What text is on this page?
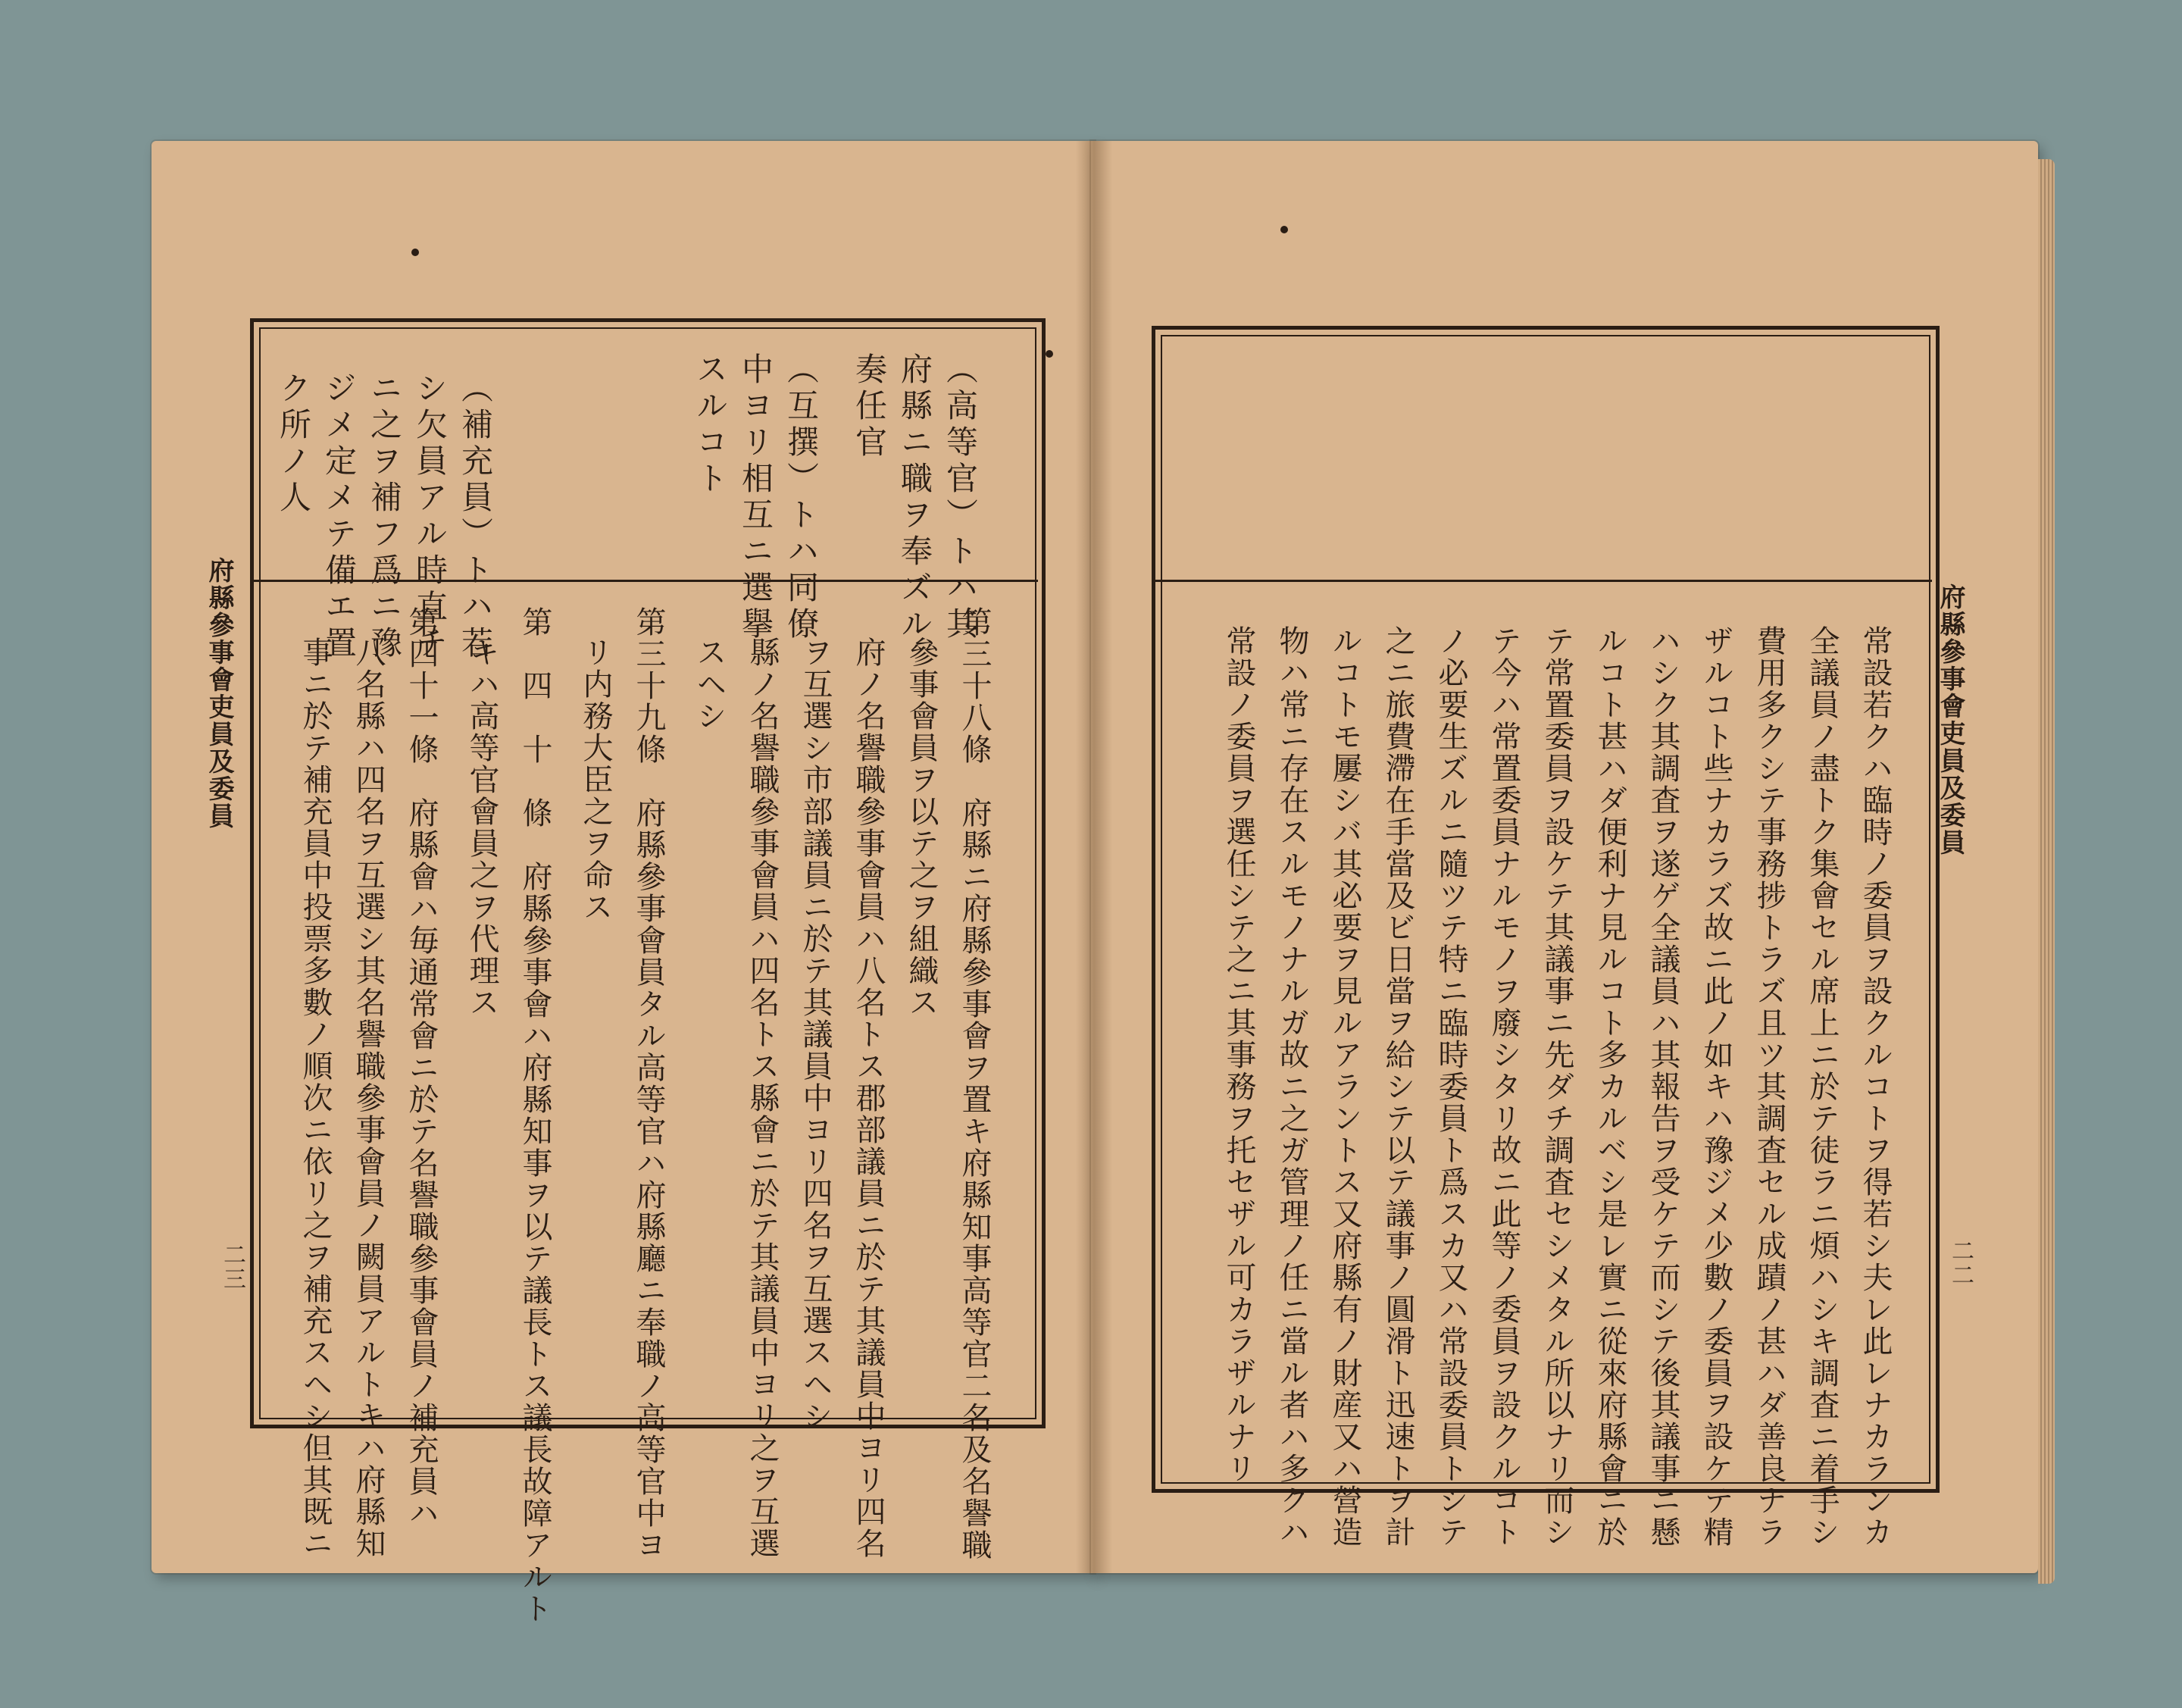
府縣參事會吏員及委員
二三
（高等官）トハ其
府縣ニ職ヲ奉ズル
奏任官
（互撰）トハ同僚
中ヨリ相互ニ選擧
スルコト
（補充員）トハ若
シ欠員アル時直チ
ニ之ヲ補フ爲ニ豫
ジメ定メテ備エ置
ク所ノ人
第三十八條　府縣ニ府縣參事會ヲ置キ府縣知事高等官二名及名譽職
參事會員ヲ以テ之ヲ組織ス
府ノ名譽職參事會員ハ八名トス郡部議員ニ於テ其議員中ヨリ四名
ヲ互選シ市部議員ニ於テ其議員中ヨリ四名ヲ互選スヘシ
縣ノ名譽職參事會員ハ四名トス縣會ニ於テ其議員中ヨリ之ヲ互選
スヘシ
第三十九條　府縣參事會員タル高等官ハ府縣廳ニ奉職ノ高等官中ヨ
リ内務大臣之ヲ命ス
第　四　十　條　府縣參事會ハ府縣知事ヲ以テ議長トス議長故障アルト
キハ高等官會員之ヲ代理ス
第四十一條　府縣會ハ毎通常會ニ於テ名譽職參事會員ノ補充員ハ
八名縣ハ四名ヲ互選シ其名譽職參事會員ノ闕員アルトキハ府縣知
事ニ於テ補充員中投票多數ノ順次ニ依リ之ヲ補充スヘシ但其既ニ	府縣參事會吏員及委員
二二
常設若クハ臨時ノ委員ヲ設クルコトヲ得若シ夫レ此レナカランカ
全議員ノ盡トク集會セル席上ニ於テ徒ラニ煩ハシキ調査ニ着手シ
費用多クシテ事務捗トラズ且ツ其調査セル成蹟ノ甚ハダ善良ナラ
ザルコト些ナカラズ故ニ此ノ如キハ豫ジメ少數ノ委員ヲ設ケテ精
ハシク其調査ヲ遂ゲ全議員ハ其報告ヲ受ケテ而シテ後其議事ニ懸
ルコト甚ハダ便利ナ見ルコト多カルベシ是レ實ニ從來府縣會ニ於
テ常置委員ヲ設ケテ其議事ニ先ダチ調査セシメタル所以ナリ而シ
テ今ハ常置委員ナルモノヲ廢シタリ故ニ此等ノ委員ヲ設クルコト
ノ必要生ズルニ隨ツテ特ニ臨時委員ト爲スカ又ハ常設委員トシテ
之ニ旅費滯在手當及ビ日當ヲ給シテ以テ議事ノ圓滑ト迅速トヲ計
ルコトモ屢シバ其必要ヲ見ルアラントス又府縣有ノ財産又ハ營造
物ハ常ニ存在スルモノナルガ故ニ之ガ管理ノ任ニ當ル者ハ多クハ
常設ノ委員ヲ選任シテ之ニ其事務ヲ托セザル可カラザルナリ
